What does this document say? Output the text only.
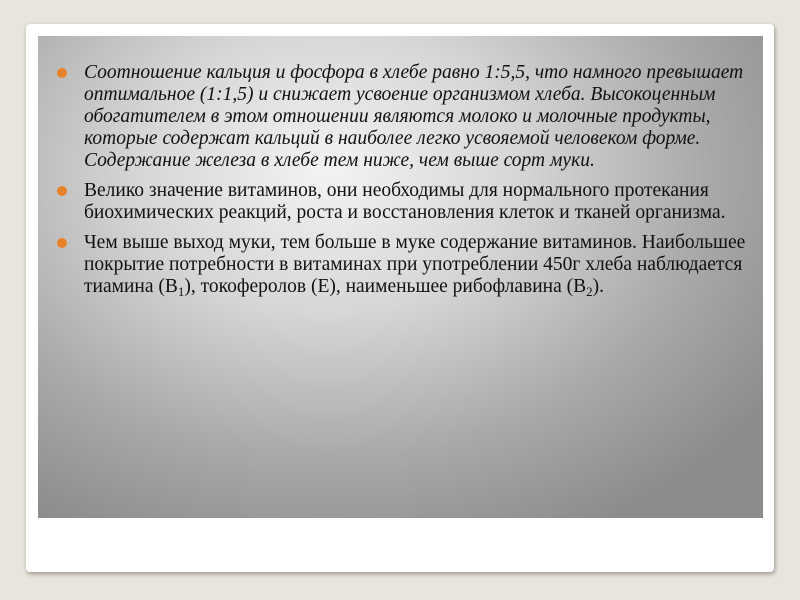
Соотношение кальция и фосфора в хлебе равно 1:5,5, что намного превышает оптимальное (1:1,5) и снижает усвоение организмом хлеба. Высокоценным обогатителем в этом отношении являются молоко и молочные продукты, которые содержат кальций в наиболее легко усвояемой человеком форме. Содержание железа в хлебе тем ниже, чем выше сорт муки.
Велико значение витаминов, они необходимы для нормального протекания биохимических реакций, роста и восстановления клеток и тканей организма.
Чем выше выход муки, тем больше в муке содержание витаминов. Наибольшее покрытие потребности в витаминах при употреблении 450г хлеба наблюдается тиамина $(В_1)$, токоферолов (Е), наименьшее рибофлавина $(В_2)$.
